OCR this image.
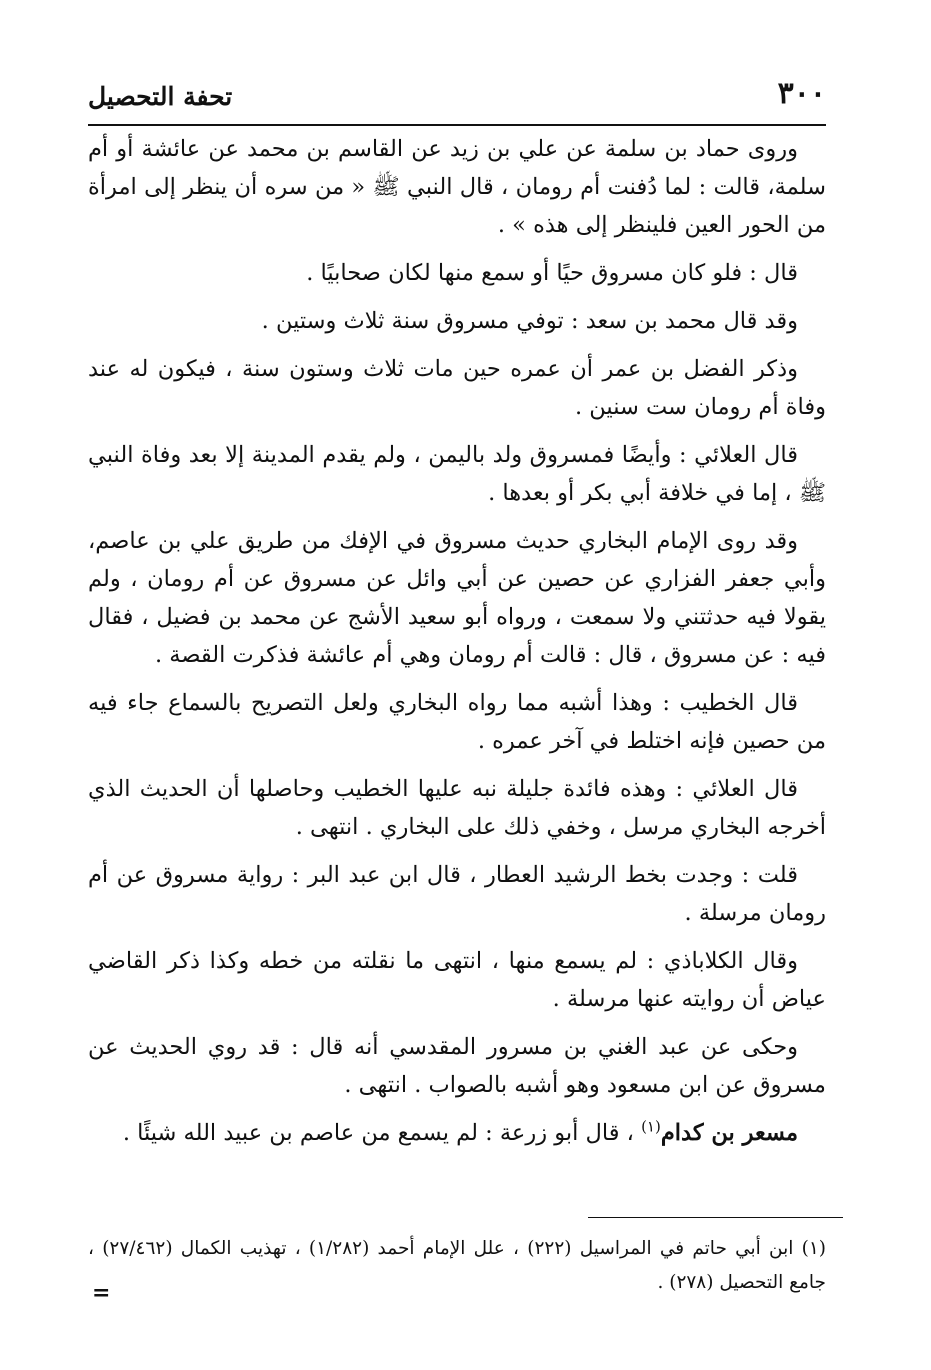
٣٠٠
تحفة التحصيل

وروى حماد بن سلمة عن علي بن زيد عن القاسم بن محمد عن عائشة أو أم سلمة، قالت : لما دُفنت أم رومان ، قال النبي ﷺ « من سره أن ينظر إلى امرأة من الحور العين فلينظر إلى هذه » .

قال : فلو كان مسروق حيًا أو سمع منها لكان صحابيًا .

وقد قال محمد بن سعد : توفي مسروق سنة ثلاث وستين .

وذكر الفضل بن عمر أن عمره حين مات ثلاث وستون سنة ، فيكون له عند وفاة أم رومان ست سنين .

قال العلائي : وأيضًا فمسروق ولد باليمن ، ولم يقدم المدينة إلا بعد وفاة النبي ﷺ ، إما في خلافة أبي بكر أو بعدها .

وقد روى الإمام البخاري حديث مسروق في الإفك من طريق علي بن عاصم، وأبي جعفر الفزاري عن حصين عن أبي وائل عن مسروق عن أم رومان ، ولم يقولا فيه حدثتني ولا سمعت ، ورواه أبو سعيد الأشج عن محمد بن فضيل ، فقال فيه : عن مسروق ، قال : قالت أم رومان وهي أم عائشة فذكرت القصة .

قال الخطيب : وهذا أشبه مما رواه البخاري ولعل التصريح بالسماع جاء فيه من حصين فإنه اختلط في آخر عمره .

قال العلائي : وهذه فائدة جليلة نبه عليها الخطيب وحاصلها أن الحديث الذي أخرجه البخاري مرسل ، وخفي ذلك على البخاري . انتهى .

قلت : وجدت بخط الرشيد العطار ، قال ابن عبد البر : رواية مسروق عن أم رومان مرسلة .

وقال الكلاباذي : لم يسمع منها ، انتهى ما نقلته من خطه وكذا ذكر القاضي عياض أن روايته عنها مرسلة .

وحكى عن عبد الغني بن مسرور المقدسي أنه قال : قد روي الحديث عن مسروق عن ابن مسعود وهو أشبه بالصواب . انتهى .

مسعر بن كدام$^{(١)}$ ، قال أبو زرعة : لم يسمع من عاصم بن عبيد الله شيئًا .

(١) ابن أبي حاتم في المراسيل (٢٢٢) ، علل الإمام أحمد (١/٢٨٢) ، تهذيب الكمال (٢٧/٤٦٢) ، جامع التحصيل (٢٧٨) .

=
